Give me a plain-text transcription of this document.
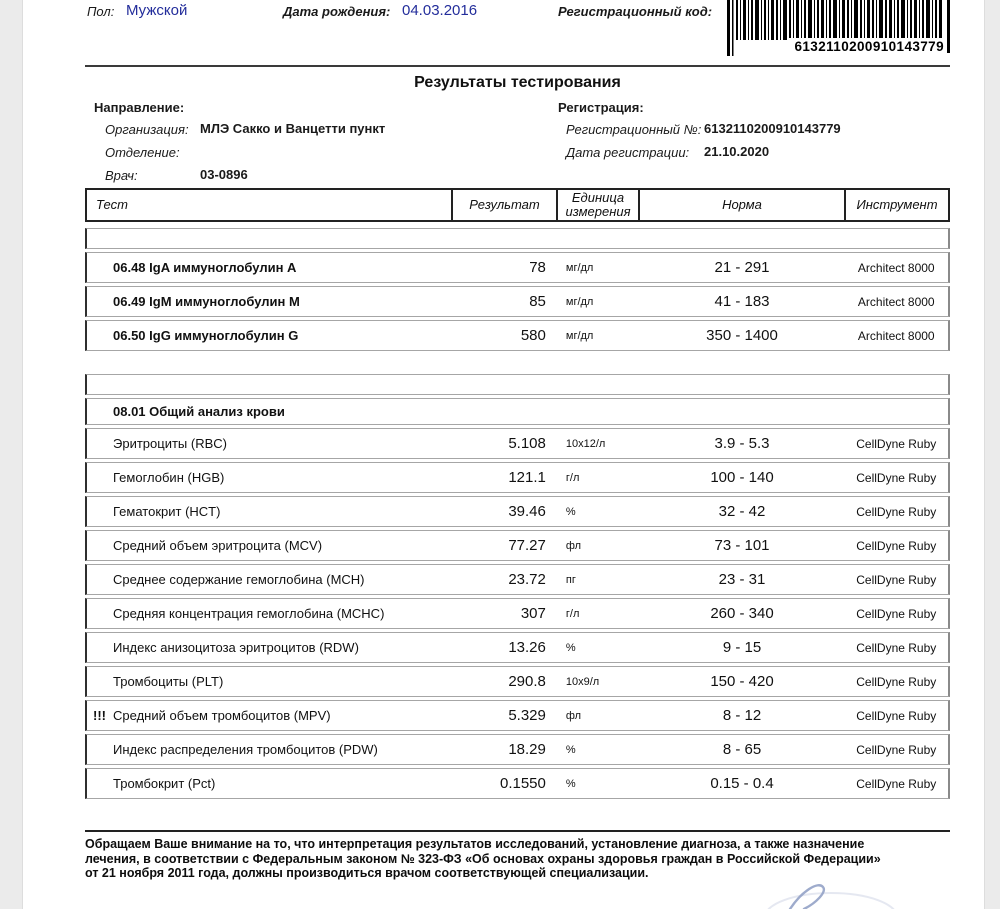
Пол: Мужской	Дата рождения: 04.03.2016	Регистрационный код:
6132110200910143779
Результаты тестирования
Направление:
Организация: МЛЭ Сакко и Ванцетти пункт
Отделение:
Врач:	03-0896
Регистрация:
Регистрационный №: 6132110200910143779
Дата регистрации: 21.10.2020
Тест	Результат	Единица измерения	Норма	Инструмент
06.48 IgA иммуноглобулин A	78	мг/дл	21 - 291	Architect 8000
06.49 IgM иммуноглобулин M	85	мг/дл	41 - 183	Architect 8000
06.50 IgG иммуноглобулин G	580	мг/дл	350 - 1400	Architect 8000
08.01 Общий анализ крови
Эритроциты (RBC)	5.108	10x12/л	3.9 - 5.3	CellDyne Ruby
Гемоглобин (HGB)	121.1	г/л	100 - 140	CellDyne Ruby
Гематокрит (HCT)	39.46	%	32 - 42	CellDyne Ruby
Средний объем эритроцита (MCV)	77.27	фл	73 - 101	CellDyne Ruby
Среднее содержание гемоглобина (MCH)	23.72	пг	23 - 31	CellDyne Ruby
Средняя концентрация гемоглобина (MCHC)	307	г/л	260 - 340	CellDyne Ruby
Индекс анизоцитоза эритроцитов (RDW)	13.26	%	9 - 15	CellDyne Ruby
Тромбоциты (PLT)	290.8	10x9/л	150 - 420	CellDyne Ruby
!!! Средний объем тромбоцитов (MPV)	5.329	фл	8 - 12	CellDyne Ruby
Индекс распределения тромбоцитов (PDW)	18.29	%	8 - 65	CellDyne Ruby
Тромбокрит (Pct)	0.1550	%	0.15 - 0.4	CellDyne Ruby
Обращаем Ваше внимание на то, что интерпретация результатов исследований, установление диагноза, а также назначение лечения, в соответствии с Федеральным законом № 323-ФЗ «Об основах охраны здоровья граждан в Российской Федерации» от 21 ноября 2011 года, должны производиться врачом соответствующей специализации.
